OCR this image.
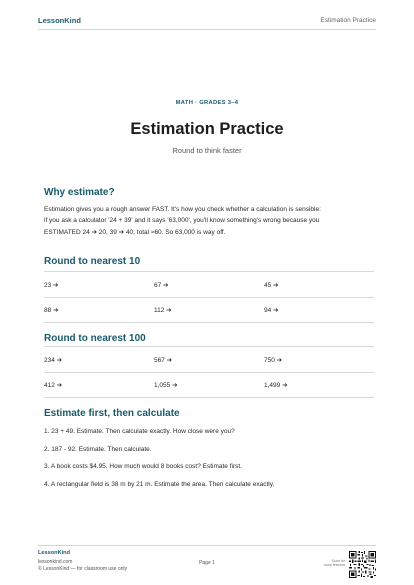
LessonKind	Estimation Practice
MATH · GRADES 3–4
Estimation Practice
Round to think faster
Why estimate?
Estimation gives you a rough answer FAST. It's how you check whether a calculation is sensible:
if you ask a calculator '24 + 39' and it says '63,000', you'll know something's wrong because you
ESTIMATED 24 ➔ 20, 39 ➔ 40, total ≈60. So 63,000 is way off.
Round to nearest 10
23 ➔	67 ➔	45 ➔
88 ➔	112 ➔	94 ➔
Round to nearest 100
234 ➔	567 ➔	750 ➔
412 ➔	1,055 ➔	1,499 ➔
Estimate first, then calculate
1. 23 + 49. Estimate. Then calculate exactly. How close were you?
2. 187 - 92. Estimate. Then calculate.
3. A book costs $4.95. How much would 8 books cost? Estimate first.
4. A rectangular field is 38 m by 21 m. Estimate the area. Then calculate exactly.
LessonKind
lessonkind.com
© LessonKind — for classroom use only
Page 1	Scan for
more lessons
